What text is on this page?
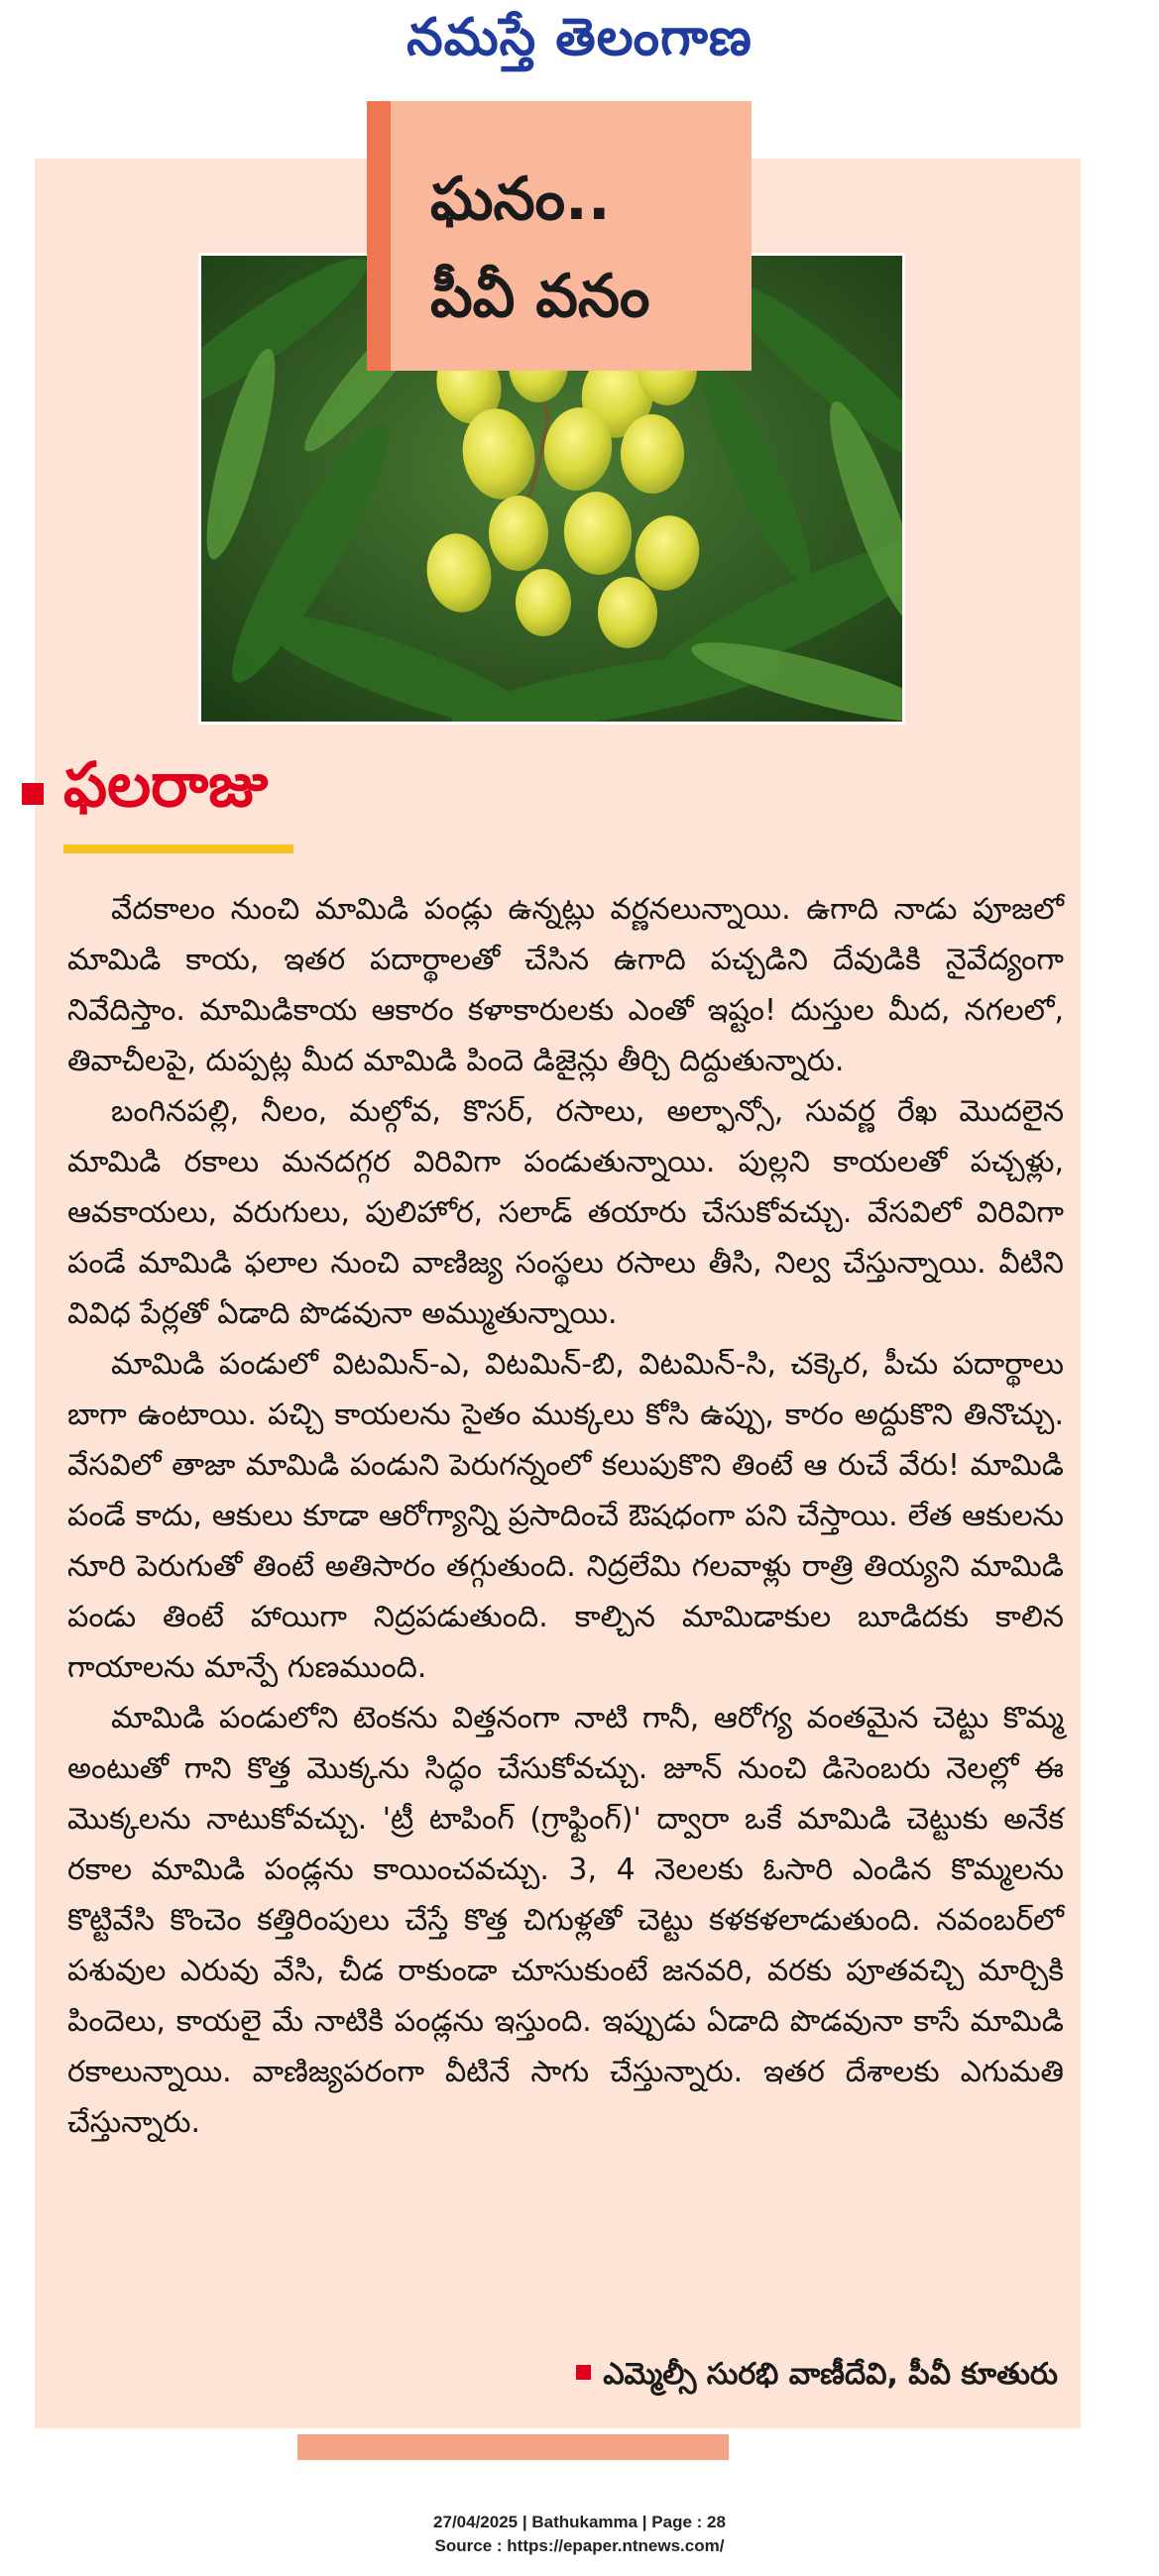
నమస్తే తెలంగాణ
ఘనం..
పీవీ వనం
ఫలరాజు

వేదకాలం నుంచి మామిడి పండ్లు ఉన్నట్లు వర్ణనలున్నాయి. ఉగాది నాడు పూజలో మామిడి కాయ, ఇతర పదార్థాలతో చేసిన ఉగాది పచ్చడిని దేవుడికి నైవేద్యంగా నివేదిస్తాం. మామిడికాయ ఆకారం కళాకారులకు ఎంతో ఇష్టం! దుస్తుల మీద, నగలలో, తివాచీలపై, దుప్పట్ల మీద మామిడి పిందె డిజైన్లు తీర్చి దిద్దుతున్నారు.

బంగినపల్లి, నీలం, మల్గోవ, కొసర్, రసాలు, అల్ఫాన్సో, సువర్ణ రేఖ మొదలైన మామిడి రకాలు మనదగ్గర విరివిగా పండుతున్నాయి. పుల్లని కాయలతో పచ్చళ్లు, ఆవకాయలు, వరుగులు, పులిహోర, సలాడ్ తయారు చేసుకోవచ్చు. వేసవిలో విరివిగా పండే మామిడి ఫలాల నుంచి వాణిజ్య సంస్థలు రసాలు తీసి, నిల్వ చేస్తున్నాయి. వీటిని వివిధ పేర్లతో ఏడాది పొడవునా అమ్ముతున్నాయి.

మామిడి పండులో విటమిన్-ఎ, విటమిన్-బి, విటమిన్-సి, చక్కెర, పీచు పదార్థాలు బాగా ఉంటాయి. పచ్చి కాయలను సైతం ముక్కలు కోసి ఉప్పు, కారం అద్దుకొని తినొచ్చు. వేసవిలో తాజా మామిడి పండుని పెరుగన్నంలో కలుపుకొని తింటే ఆ రుచే వేరు! మామిడి పండే కాదు, ఆకులు కూడా ఆరోగ్యాన్ని ప్రసాదించే ఔషధంగా పని చేస్తాయి. లేత ఆకులను నూరి పెరుగుతో తింటే అతిసారం తగ్గుతుంది. నిద్రలేమి గలవాళ్లు రాత్రి తియ్యని మామిడి పండు తింటే హాయిగా నిద్రపడుతుంది. కాల్చిన మామిడాకుల బూడిదకు కాలిన గాయాలను మాన్పే గుణముంది.

మామిడి పండులోని టెంకను విత్తనంగా నాటి గానీ, ఆరోగ్య వంతమైన చెట్టు కొమ్మ అంటుతో గాని కొత్త మొక్కను సిద్ధం చేసుకోవచ్చు. జూన్ నుంచి డిసెంబరు నెలల్లో ఈ మొక్కలను నాటుకోవచ్చు. 'ట్రీ టాపింగ్ (గ్రాఫ్టింగ్)' ద్వారా ఒకే మామిడి చెట్టుకు అనేక రకాల మామిడి పండ్లను కాయించవచ్చు. 3, 4 నెలలకు ఓసారి ఎండిన కొమ్మలను కొట్టివేసి కొంచెం కత్తిరింపులు చేస్తే కొత్త చిగుళ్లతో చెట్టు కళకళలాడుతుంది. నవంబర్‌లో పశువుల ఎరువు వేసి, చీడ రాకుండా చూసుకుంటే జనవరి, వరకు పూతవచ్చి మార్చికి పిందెలు, కాయలై మే నాటికి పండ్లను ఇస్తుంది. ఇప్పుడు ఏడాది పొడవునా కాసే మామిడి రకాలున్నాయి. వాణిజ్యపరంగా వీటినే సాగు చేస్తున్నారు. ఇతర దేశాలకు ఎగుమతి చేస్తున్నారు.

ఎమ్మెల్సీ సురభి వాణీదేవి, పీవీ కూతురు
27/04/2025 | Bathukamma | Page : 28
Source : https://epaper.ntnews.com/
